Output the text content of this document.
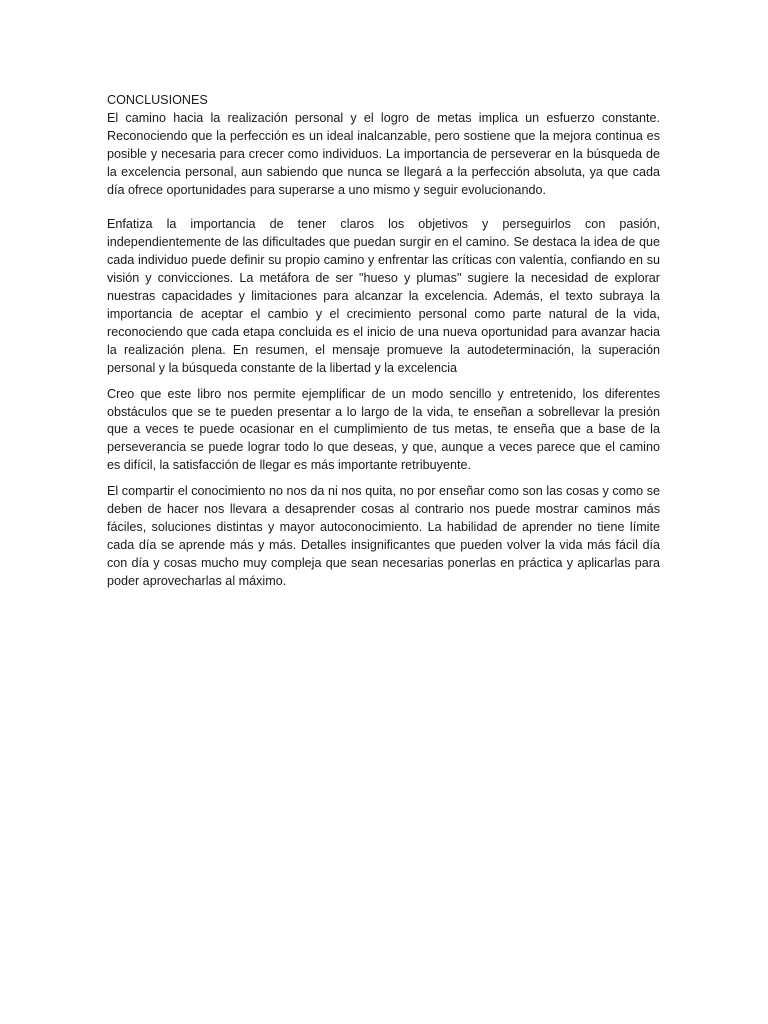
CONCLUSIONES

El camino hacia la realización personal y el logro de metas implica un esfuerzo constante. Reconociendo que la perfección es un ideal inalcanzable, pero sostiene que la mejora continua es posible y necesaria para crecer como individuos. La importancia de perseverar en la búsqueda de la excelencia personal, aun sabiendo que nunca se llegará a la perfección absoluta, ya que cada día ofrece oportunidades para superarse a uno mismo y seguir evolucionando.

Enfatiza la importancia de tener claros los objetivos y perseguirlos con pasión, independientemente de las dificultades que puedan surgir en el camino. Se destaca la idea de que cada individuo puede definir su propio camino y enfrentar las críticas con valentía, confiando en su visión y convicciones. La metáfora de ser "hueso y plumas" sugiere la necesidad de explorar nuestras capacidades y limitaciones para alcanzar la excelencia. Además, el texto subraya la importancia de aceptar el cambio y el crecimiento personal como parte natural de la vida, reconociendo que cada etapa concluida es el inicio de una nueva oportunidad para avanzar hacia la realización plena. En resumen, el mensaje promueve la autodeterminación, la superación personal y la búsqueda constante de la libertad y la excelencia

Creo que este libro nos permite ejemplificar de un modo sencillo y entretenido, los diferentes obstáculos que se te pueden presentar a lo largo de la vida, te enseñan a sobrellevar la presión que a veces te puede ocasionar en el cumplimiento de tus metas, te enseña que a base de la perseverancia se puede lograr todo lo que deseas, y que, aunque a veces parece que el camino es difícil, la satisfacción de llegar es más importante retribuyente.

El compartir el conocimiento no nos da ni nos quita, no por enseñar como son las cosas y como se deben de hacer nos llevara a desaprender cosas al contrario nos puede mostrar caminos más fáciles, soluciones distintas y mayor autoconocimiento. La habilidad de aprender no tiene límite cada día se aprende más y más. Detalles insignificantes que pueden volver la vida más fácil día con día y cosas mucho muy compleja que sean necesarias ponerlas en práctica y aplicarlas para poder aprovecharlas al máximo.
